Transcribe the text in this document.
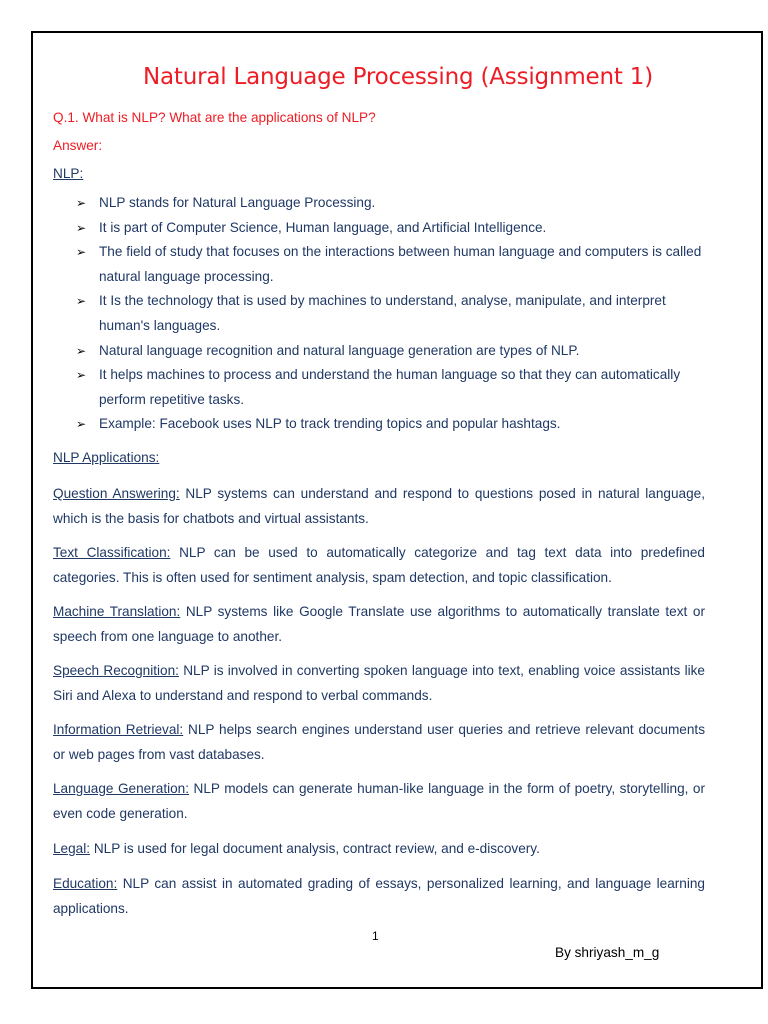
Natural Language Processing (Assignment 1)
Q.1. What is NLP? What are the applications of NLP?
Answer:
NLP:
➢ NLP stands for Natural Language Processing.
➢ It is part of Computer Science, Human language, and Artificial Intelligence.
➢ The field of study that focuses on the interactions between human language and computers is called natural language processing.
➢ It Is the technology that is used by machines to understand, analyse, manipulate, and interpret human's languages.
➢ Natural language recognition and natural language generation are types of NLP.
➢ It helps machines to process and understand the human language so that they can automatically perform repetitive tasks.
➢ Example: Facebook uses NLP to track trending topics and popular hashtags.
NLP Applications:
Question Answering: NLP systems can understand and respond to questions posed in natural language, which is the basis for chatbots and virtual assistants.
Text Classification: NLP can be used to automatically categorize and tag text data into predefined categories. This is often used for sentiment analysis, spam detection, and topic classification.
Machine Translation: NLP systems like Google Translate use algorithms to automatically translate text or speech from one language to another.
Speech Recognition: NLP is involved in converting spoken language into text, enabling voice assistants like Siri and Alexa to understand and respond to verbal commands.
Information Retrieval: NLP helps search engines understand user queries and retrieve relevant documents or web pages from vast databases.
Language Generation: NLP models can generate human-like language in the form of poetry, storytelling, or even code generation.
Legal: NLP is used for legal document analysis, contract review, and e-discovery.
Education: NLP can assist in automated grading of essays, personalized learning, and language learning applications.
1
By shriyash_m_g
